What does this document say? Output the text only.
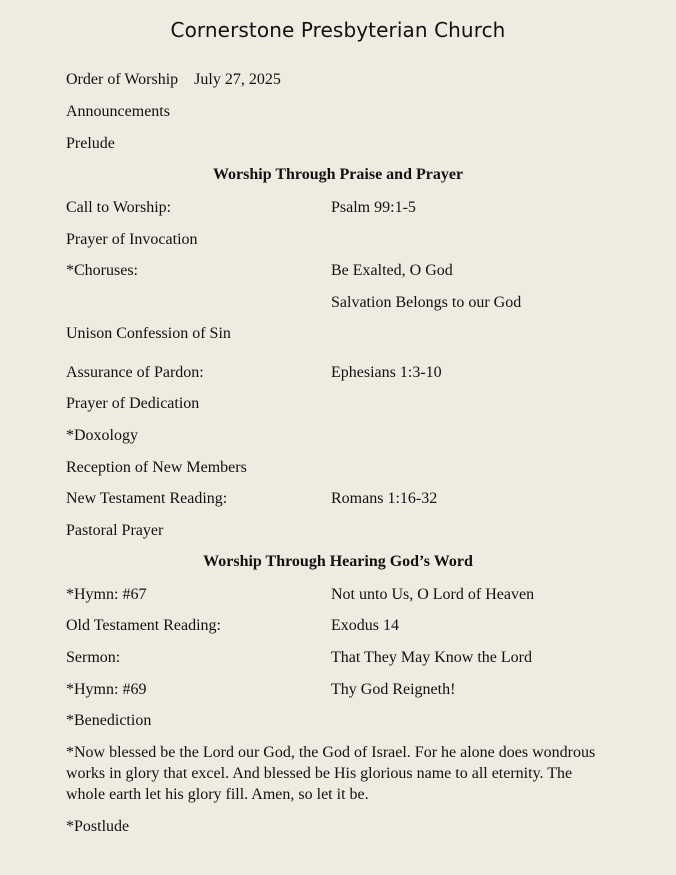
Cornerstone Presbyterian Church
Order of Worship July 27, 2025
Announcements
Prelude
Worship Through Praise and Prayer
Call to Worship:	Psalm 99:1-5
Prayer of Invocation
*Choruses:	Be Exalted, O God
Salvation Belongs to our God
Unison Confession of Sin
Assurance of Pardon:	Ephesians 1:3-10
Prayer of Dedication
*Doxology
Reception of New Members
New Testament Reading:	Romans 1:16-32
Pastoral Prayer
Worship Through Hearing God’s Word
*Hymn: #67	Not unto Us, O Lord of Heaven
Old Testament Reading:	Exodus 14
Sermon:	That They May Know the Lord
*Hymn: #69	Thy God Reigneth!
*Benediction
*Now blessed be the Lord our God, the God of Israel. For he alone does wondrous works in glory that excel. And blessed be His glorious name to all eternity. The whole earth let his glory fill. Amen, so let it be.
*Postlude
